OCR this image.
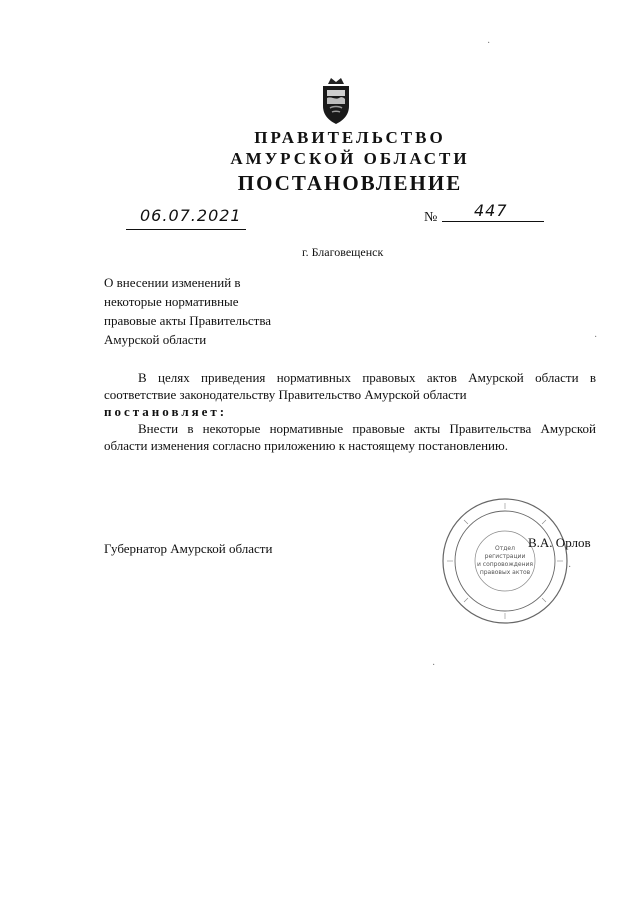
ПРАВИТЕЛЬСТВО
АМУРСКОЙ ОБЛАСТИ
ПОСТАНОВЛЕНИЕ
06.07.2021	№ 447
г. Благовещенск
О внесении изменений в
некоторые нормативные
правовые акты Правительства
Амурской области

В целях приведения нормативных правовых актов Амурской области в соответствие законодательству Правительство Амурской области

постановляет:

Внести в некоторые нормативные правовые акты Правительства Амурской области изменения согласно приложению к настоящему постановлению.

Отдел
регистрации
и сопровождения
правовых актов
Губернатор Амурской области	В.А. Орлов
·
·
·
·
